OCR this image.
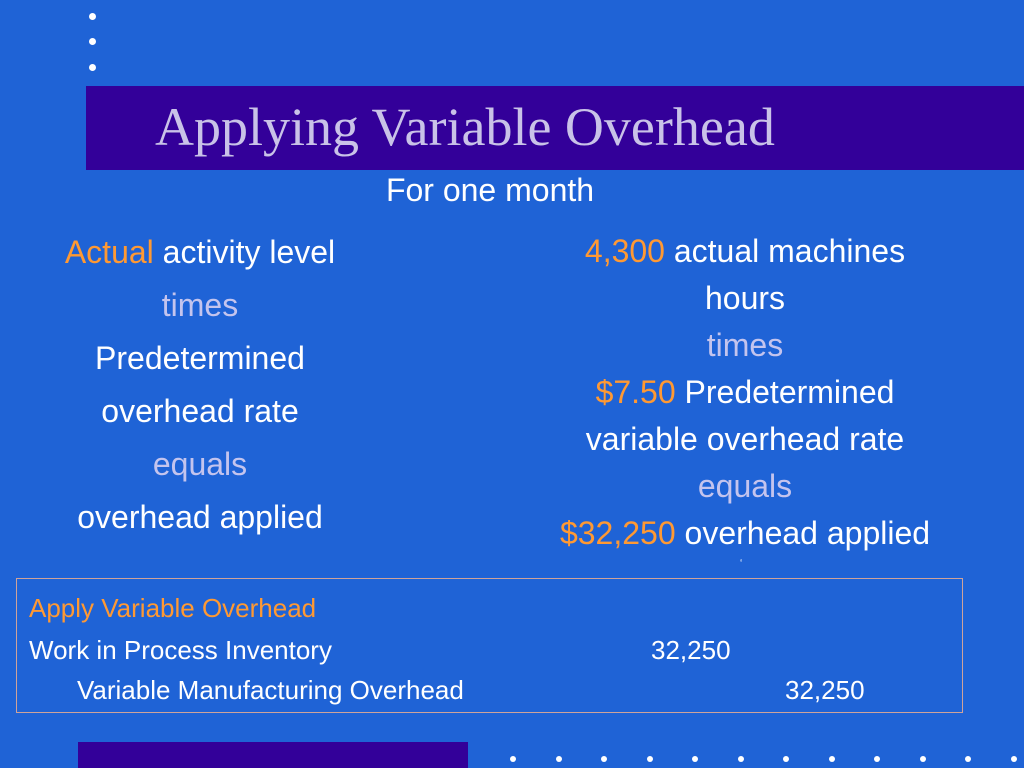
Applying Variable Overhead
For one month
Actual activity level
times
Predetermined
overhead rate
equals
overhead applied
4,300 actual machines
hours
times
$7.50 Predetermined
variable overhead rate
equals
$32,250 overhead applied
‘
Apply Variable Overhead
Work in Process Inventory	32,250
Variable Manufacturing Overhead	32,250
